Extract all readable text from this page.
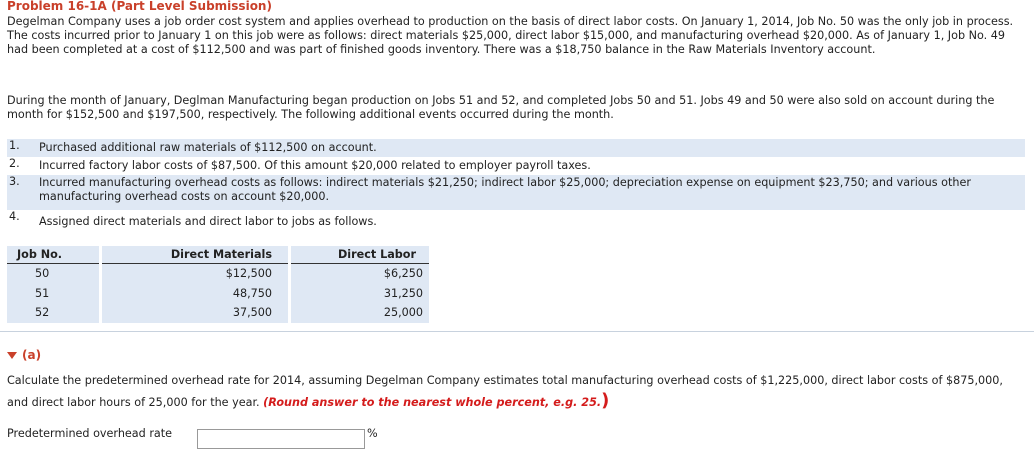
Problem 16-1A (Part Level Submission)

Degelman Company uses a job order cost system and applies overhead to production on the basis of direct labor costs. On January 1, 2014, Job No. 50 was the only job in process. The costs incurred prior to January 1 on this job were as follows: direct materials $25,000, direct labor $15,000, and manufacturing overhead $20,000. As of January 1, Job No. 49 had been completed at a cost of $112,500 and was part of finished goods inventory. There was a $18,750 balance in the Raw Materials Inventory account.

During the month of January, Deglman Manufacturing began production on Jobs 51 and 52, and completed Jobs 50 and 51. Jobs 49 and 50 were also sold on account during the month for $152,500 and $197,500, respectively. The following additional events occurred during the month.

1. Purchased additional raw materials of $112,500 on account.
2. Incurred factory labor costs of $87,500. Of this amount $20,000 related to employer payroll taxes.
3. Incurred manufacturing overhead costs as follows: indirect materials $21,250; indirect labor $25,000; depreciation expense on equipment $23,750; and various other manufacturing overhead costs on account $20,000.
4. Assigned direct materials and direct labor to jobs as follows.
Job No.	Direct Materials	Direct Labor
50	$12,500	$6,250
51	48,750	31,250
52	37,500	25,000
(a)

Calculate the predetermined overhead rate for 2014, assuming Degelman Company estimates total manufacturing overhead costs of $1,225,000, direct labor costs of $875,000, and direct labor hours of 25,000 for the year. (Round answer to the nearest whole percent, e.g. 25.)

Predetermined overhead rate	%
